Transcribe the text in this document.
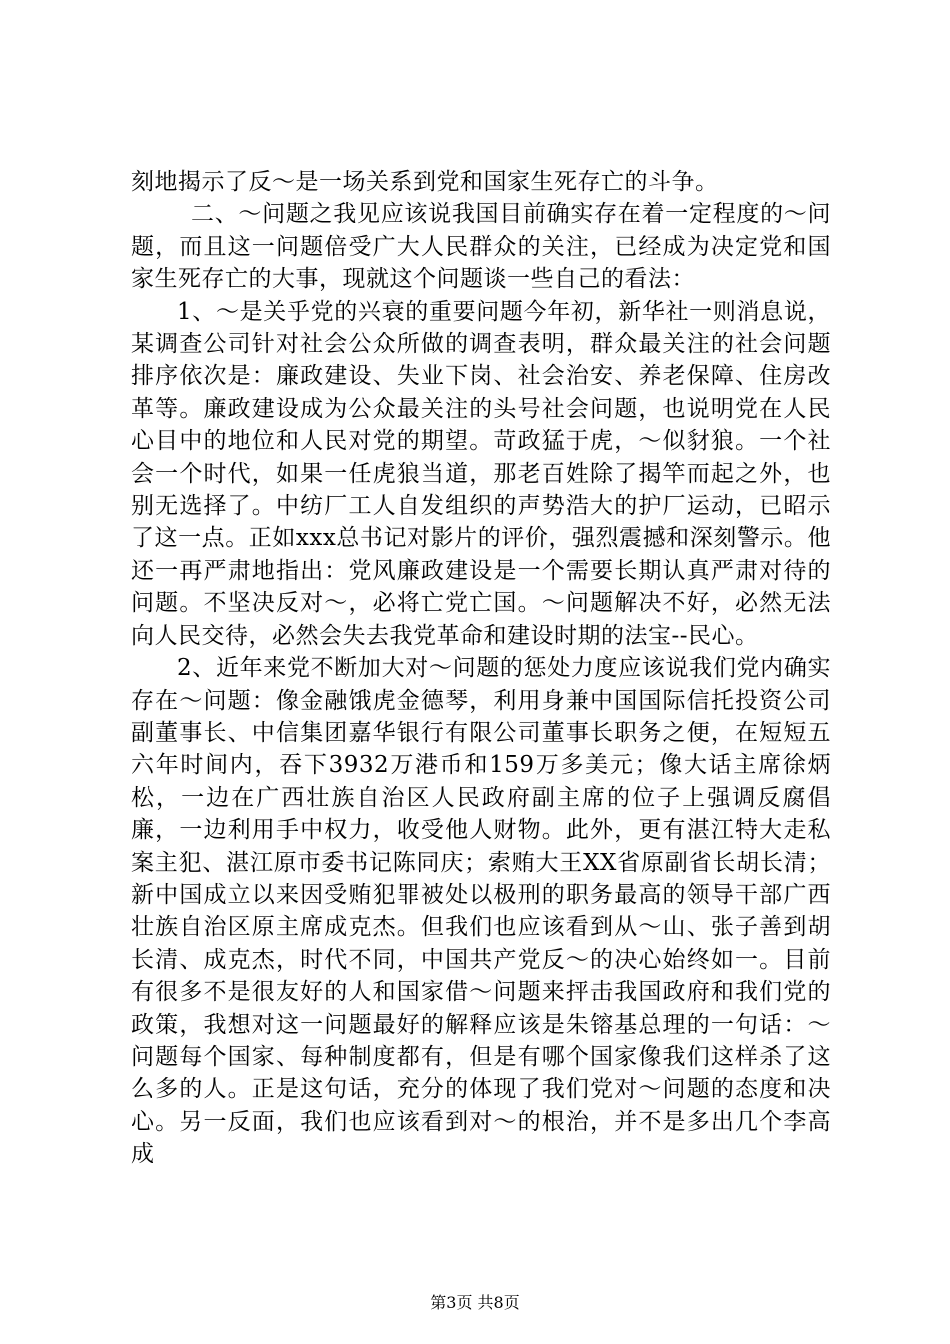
刻地揭示了反～是一场关系到党和国家生死存亡的斗争。

二、～问题之我见应该说我国目前确实存在着一定程度的～问题，而且这一问题倍受广大人民群众的关注，已经成为决定党和国家生死存亡的大事，现就这个问题谈一些自己的看法：

1、～是关乎党的兴衰的重要问题今年初，新华社一则消息说，某调查公司针对社会公众所做的调查表明，群众最关注的社会问题排序依次是：廉政建设、失业下岗、社会治安、养老保障、住房改革等。廉政建设成为公众最关注的头号社会问题，也说明党在人民心目中的地位和人民对党的期望。苛政猛于虎，～似豺狼。一个社会一个时代，如果一任虎狼当道，那老百姓除了揭竿而起之外，也别无选择了。中纺厂工人自发组织的声势浩大的护厂运动，已昭示了这一点。正如xxx总书记对影片的评价，强烈震撼和深刻警示。他还一再严肃地指出：党风廉政建设是一个需要长期认真严肃对待的问题。不坚决反对～，必将亡党亡国。～问题解决不好，必然无法向人民交待，必然会失去我党革命和建设时期的法宝--民心。

2、近年来党不断加大对～问题的惩处力度应该说我们党内确实存在～问题：像金融饿虎金德琴，利用身兼中国国际信托投资公司副董事长、中信集团嘉华银行有限公司董事长职务之便，在短短五六年时间内，吞下3932万港币和159万多美元；像大话主席徐炳松，一边在广西壮族自治区人民政府副主席的位子上强调反腐倡廉，一边利用手中权力，收受他人财物。此外，更有湛江特大走私案主犯、湛江原市委书记陈同庆；索贿大王XX省原副省长胡长清；新中国成立以来因受贿犯罪被处以极刑的职务最高的领导干部广西壮族自治区原主席成克杰。但我们也应该看到从～山、张子善到胡长清、成克杰，时代不同，中国共产党反～的决心始终如一。目前有很多不是很友好的人和国家借～问题来抨击我国政府和我们党的政策，我想对这一问题最好的解释应该是朱镕基总理的一句话：～问题每个国家、每种制度都有，但是有哪个国家像我们这样杀了这么多的人。正是这句话，充分的体现了我们党对～问题的态度和决心。另一反面，我们也应该看到对～的根治，并不是多出几个李高成

第3页 共8页
